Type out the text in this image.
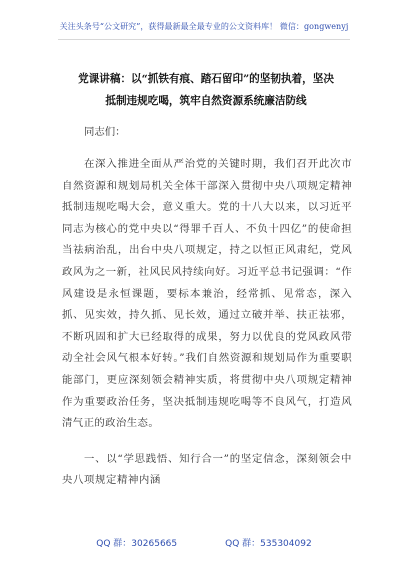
关注头条号“公文研究”，获得最新最全最专业的公文资料库！ 微信：gongwenyj
党课讲稿：以“抓铁有痕、踏石留印”的坚韧执着，坚决
抵制违规吃喝，筑牢自然资源系统廉洁防线

同志们：

在深入推进全面从严治党的关键时期，我们召开此次市自然资源和规划局机关全体干部深入贯彻中央八项规定精神抵制违规吃喝大会，意义重大。党的十八大以来，以习近平同志为核心的党中央以“得罪千百人、不负十四亿”的使命担当祛病治乱，出台中央八项规定，持之以恒正风肃纪，党风政风为之一新，社风民风持续向好。习近平总书记强调：“作风建设是永恒课题，要标本兼治，经常抓、见常态，深入抓、见实效，持久抓、见长效，通过立破并举、扶正祛邪，不断巩固和扩大已经取得的成果，努力以优良的党风政风带动全社会风气根本好转。”我们自然资源和规划局作为重要职能部门，更应深刻领会精神实质，将贯彻中央八项规定精神作为重要政治任务，坚决抵制违规吃喝等不良风气，打造风清气正的政治生态。

一、以“学思践悟、知行合一”的坚定信念，深刻领会中央八项规定精神内涵

QQ 群：30265665	QQ 群：535304092
